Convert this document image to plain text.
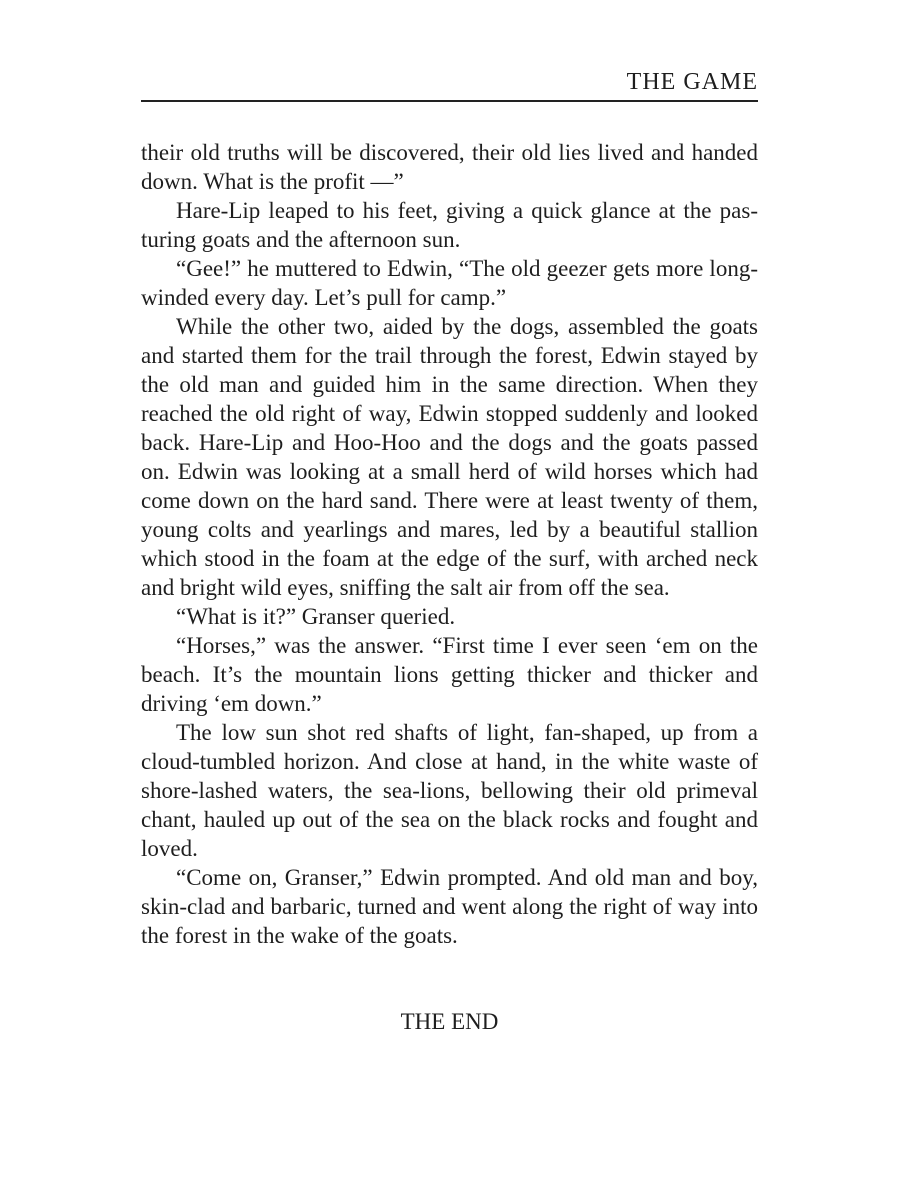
THE GAME

their old truths will be discovered, their old lies lived and handed down. What is the profit —”

Hare-Lip leaped to his feet, giving a quick glance at the pasturing goats and the afternoon sun.

“Gee!” he muttered to Edwin, “The old geezer gets more long-winded every day. Let’s pull for camp.”

While the other two, aided by the dogs, assembled the goats and started them for the trail through the forest, Edwin stayed by the old man and guided him in the same direction. When they reached the old right of way, Edwin stopped suddenly and looked back. Hare-Lip and Hoo-Hoo and the dogs and the goats passed on. Edwin was looking at a small herd of wild horses which had come down on the hard sand. There were at least twenty of them, young colts and yearlings and mares, led by a beautiful stallion which stood in the foam at the edge of the surf, with arched neck and bright wild eyes, sniffing the salt air from off the sea.

“What is it?” Granser queried.

“Horses,” was the answer. “First time I ever seen ‘em on the beach. It’s the mountain lions getting thicker and thicker and driving ‘em down.”

The low sun shot red shafts of light, fan-shaped, up from a cloud-tumbled horizon. And close at hand, in the white waste of shore-lashed waters, the sea-lions, bellowing their old primeval chant, hauled up out of the sea on the black rocks and fought and loved.

“Come on, Granser,” Edwin prompted. And old man and boy, skin-clad and barbaric, turned and went along the right of way into the forest in the wake of the goats.

THE END
